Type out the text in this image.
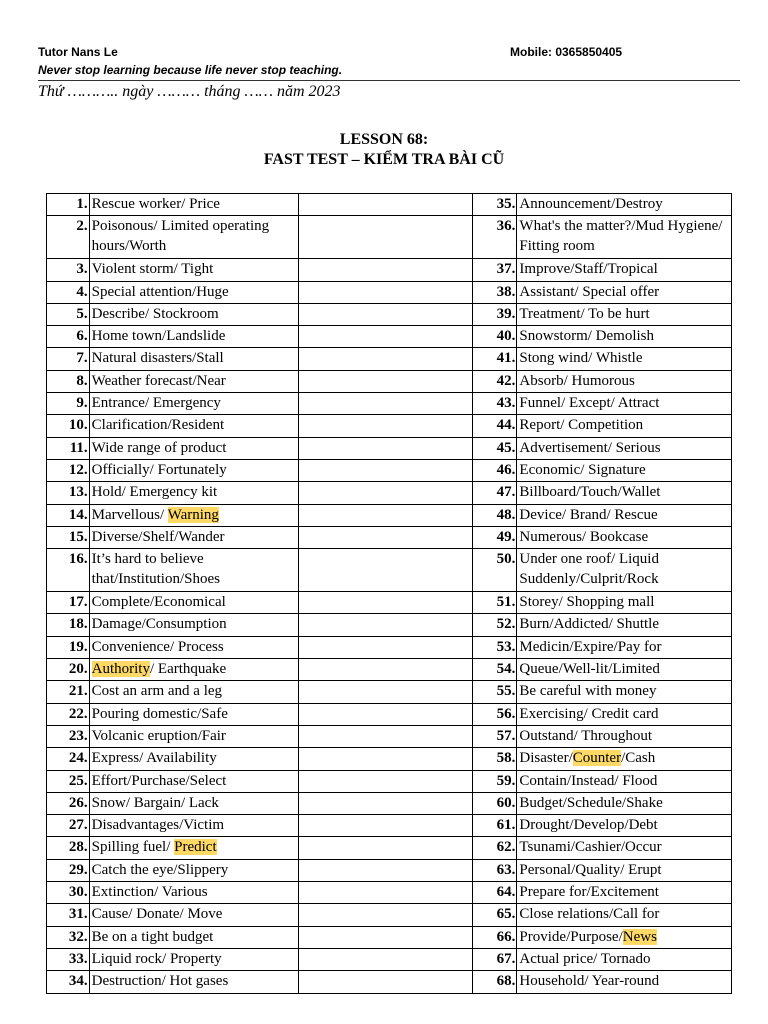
Tutor Nans Le	Mobile: 0365850405
Never stop learning because life never stop teaching.
Thứ ……….. ngày ……… tháng …… năm 2023
LESSON 68:
FAST TEST – KIỂM TRA BÀI CŨ
1.	Rescue worker/ Price		35.	Announcement/Destroy
2.	Poisonous/ Limited operating hours/Worth		36.	What's the matter?/Mud Hygiene/ Fitting room
3.	Violent storm/ Tight		37.	Improve/Staff/Tropical
4.	Special attention/Huge		38.	Assistant/ Special offer
5.	Describe/ Stockroom		39.	Treatment/ To be hurt
6.	Home town/Landslide		40.	Snowstorm/ Demolish
7.	Natural disasters/Stall		41.	Stong wind/ Whistle
8.	Weather forecast/Near		42.	Absorb/ Humorous
9.	Entrance/ Emergency		43.	Funnel/ Except/ Attract
10.	Clarification/Resident		44.	Report/ Competition
11.	Wide range of product		45.	Advertisement/ Serious
12.	Officially/ Fortunately		46.	Economic/ Signature
13.	Hold/ Emergency kit		47.	Billboard/Touch/Wallet
14.	Marvellous/ Warning		48.	Device/ Brand/ Rescue
15.	Diverse/Shelf/Wander		49.	Numerous/ Bookcase
16.	It’s hard to believe that/Institution/Shoes		50.	Under one roof/ Liquid Suddenly/Culprit/Rock
17.	Complete/Economical		51.	Storey/ Shopping mall
18.	Damage/Consumption		52.	Burn/Addicted/ Shuttle
19.	Convenience/ Process		53.	Medicin/Expire/Pay for
20.	Authority/ Earthquake		54.	Queue/Well-lit/Limited
21.	Cost an arm and a leg		55.	Be careful with money
22.	Pouring domestic/Safe		56.	Exercising/ Credit card
23.	Volcanic eruption/Fair		57.	Outstand/ Throughout
24.	Express/ Availability		58.	Disaster/Counter/Cash
25.	Effort/Purchase/Select		59.	Contain/Instead/ Flood
26.	Snow/ Bargain/ Lack		60.	Budget/Schedule/Shake
27.	Disadvantages/Victim		61.	Drought/Develop/Debt
28.	Spilling fuel/ Predict		62.	Tsunami/Cashier/Occur
29.	Catch the eye/Slippery		63.	Personal/Quality/ Erupt
30.	Extinction/ Various		64.	Prepare for/Excitement
31.	Cause/ Donate/ Move		65.	Close relations/Call for
32.	Be on a tight budget		66.	Provide/Purpose/News
33.	Liquid rock/ Property		67.	Actual price/ Tornado
34.	Destruction/ Hot gases		68.	Household/ Year-round
